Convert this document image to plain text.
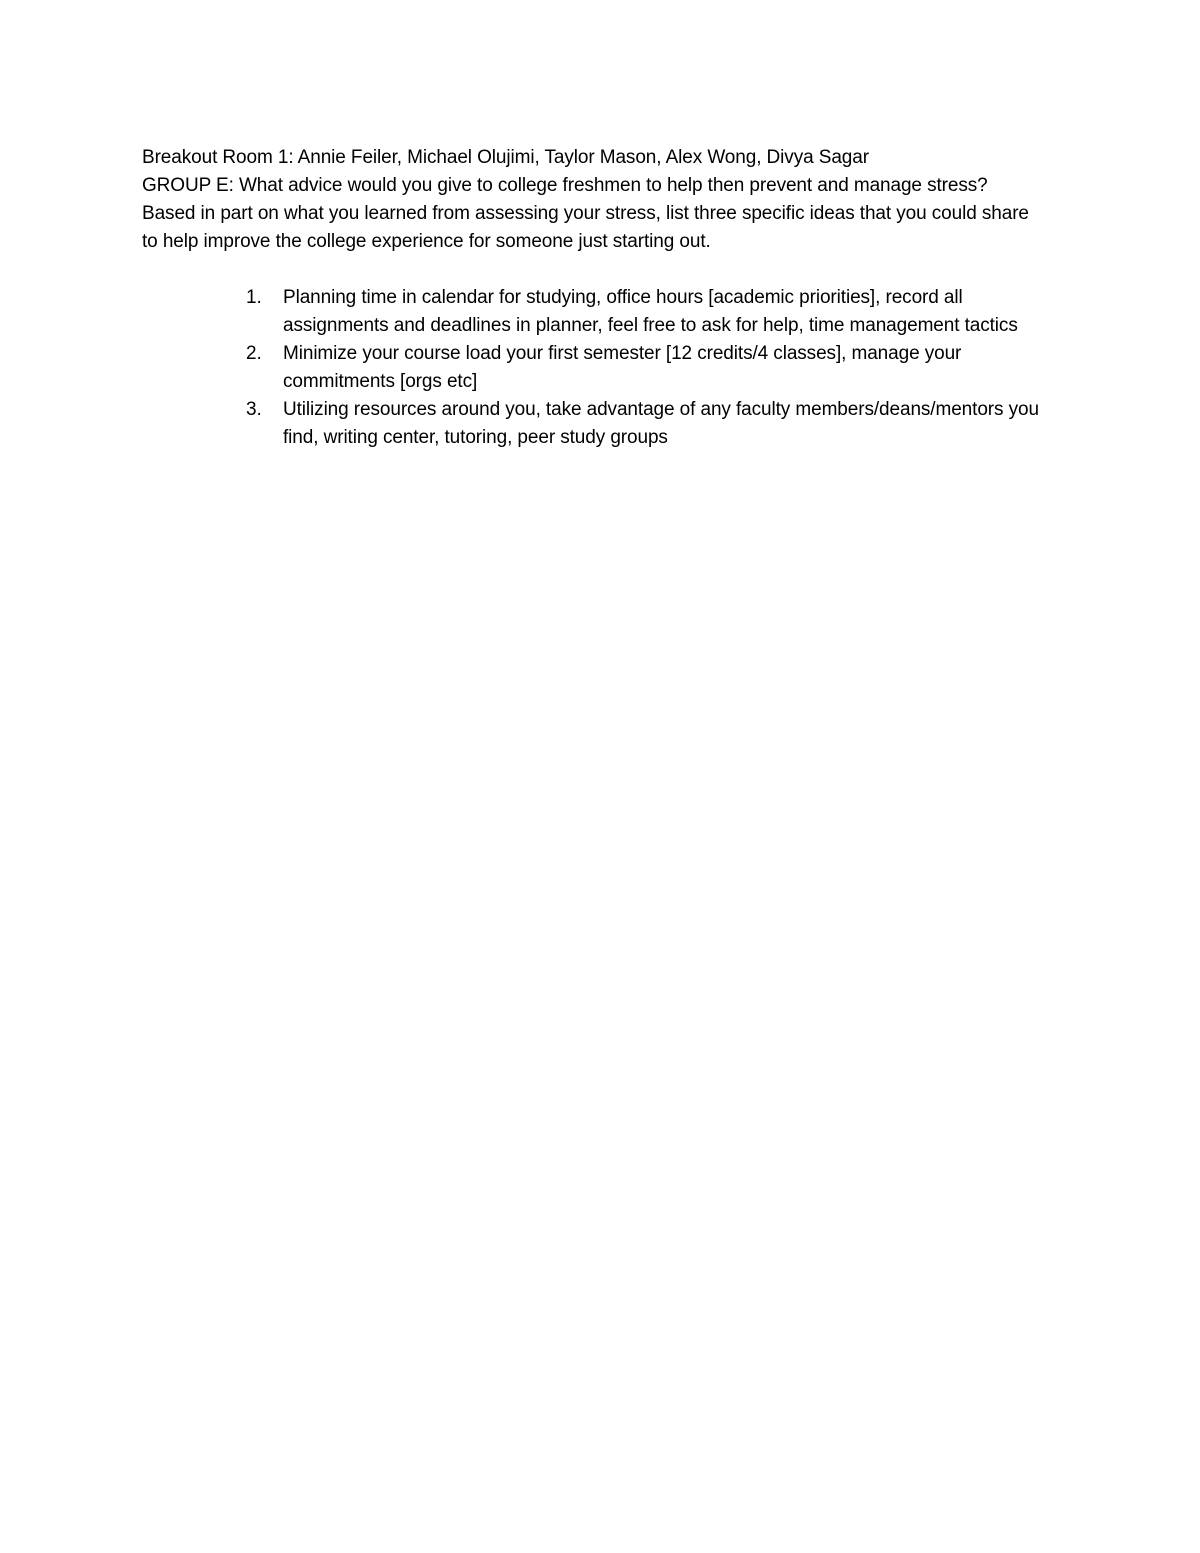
Breakout Room 1: Annie Feiler, Michael Olujimi, Taylor Mason, Alex Wong, Divya Sagar

GROUP E: What advice would you give to college freshmen to help then prevent and manage stress? Based in part on what you learned from assessing your stress, list three specific ideas that you could share to help improve the college experience for someone just starting out.

1.	Planning time in calendar for studying, office hours [academic priorities], record all assignments and deadlines in planner, feel free to ask for help, time management tactics
2.	Minimize your course load your first semester [12 credits/4 classes], manage your commitments [orgs etc]
3.	Utilizing resources around you, take advantage of any faculty members/deans/mentors you find, writing center, tutoring, peer study groups
